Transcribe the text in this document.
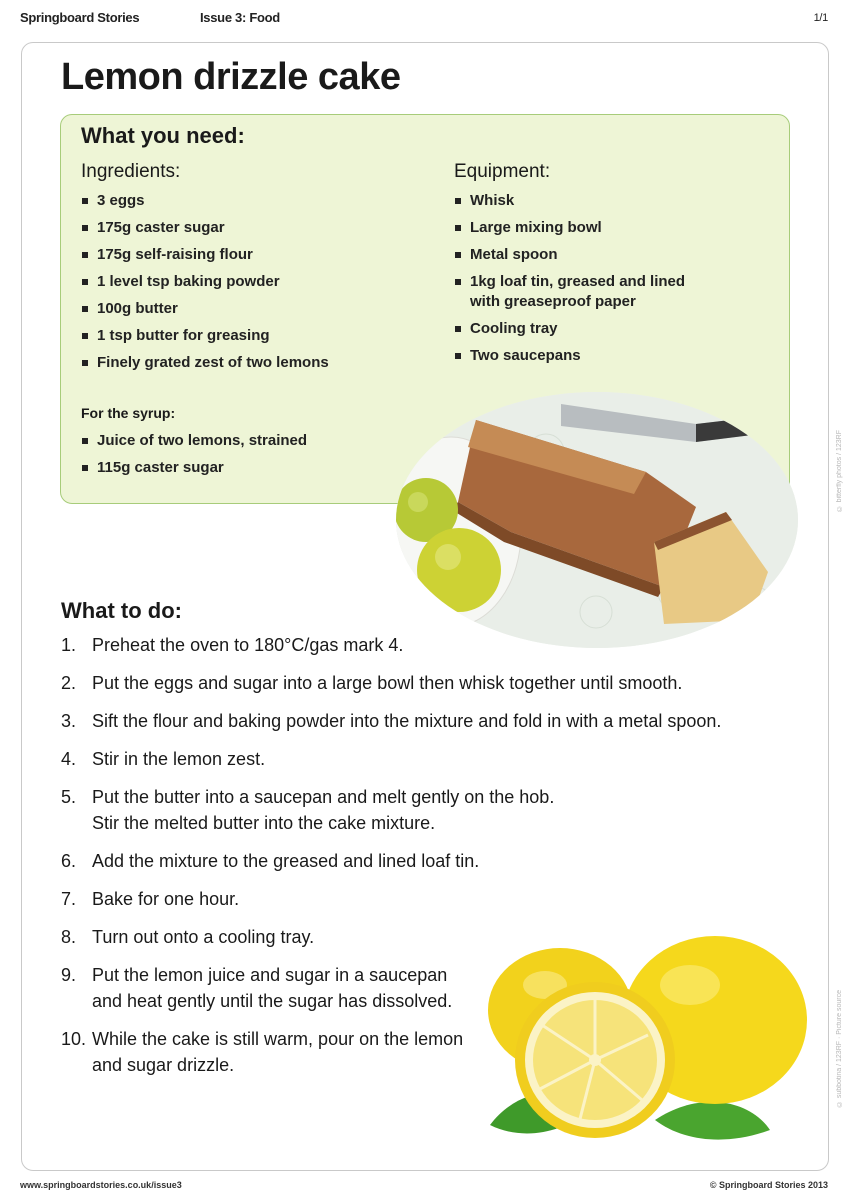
Springboard Stories	Issue 3: Food	1/1
Lemon drizzle cake
What you need:
Ingredients:
3 eggs
175g caster sugar
175g self-raising flour
1 level tsp baking powder
100g butter
1 tsp butter for greasing
Finely grated zest of two lemons
Equipment:
Whisk
Large mixing bowl
Metal spoon
1kg loaf tin, greased and lined with greaseproof paper
Cooling tray
Two saucepans
For the syrup:
Juice of two lemons, strained
115g caster sugar	© bitterfly photos / 123RF
What to do:
1. Preheat the oven to 180°C/gas mark 4.
2. Put the eggs and sugar into a large bowl then whisk together until smooth.
3. Sift the flour and baking powder into the mixture and fold in with a metal spoon.
4. Stir in the lemon zest.
5. Put the butter into a saucepan and melt gently on the hob.
Stir the melted butter into the cake mixture.
6. Add the mixture to the greased and lined loaf tin.
7. Bake for one hour.
8. Turn out onto a cooling tray.
9. Put the lemon juice and sugar in a saucepan and heat gently until the sugar has dissolved.
10. While the cake is still warm, pour on the lemon and sugar drizzle.	© subbotina / 123RF · Picture source
www.springboardstories.co.uk/issue3	© Springboard Stories 2013
